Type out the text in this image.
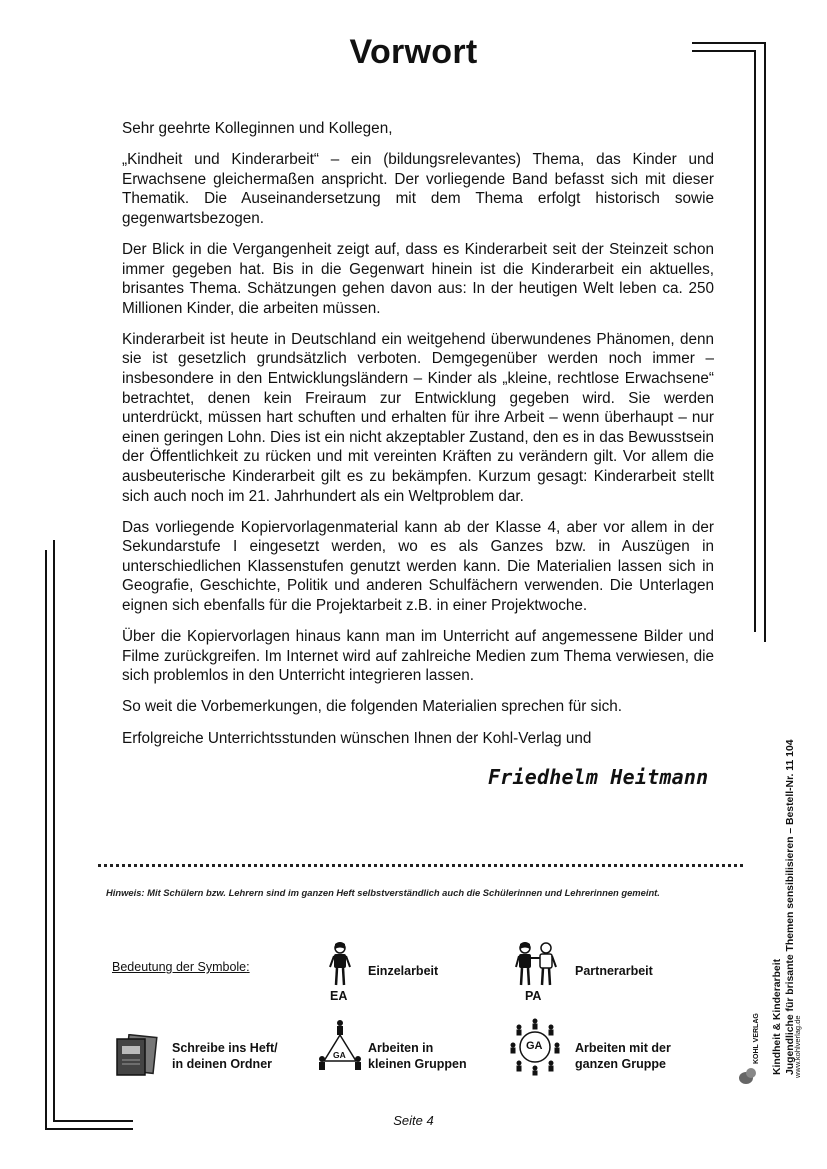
Vorwort

Sehr geehrte Kolleginnen und Kollegen,

„Kindheit und Kinderarbeit“ – ein (bildungsrelevantes) Thema, das Kinder und Erwachsene gleichermaßen anspricht. Der vorliegende Band befasst sich mit dieser Thematik. Die Auseinandersetzung mit dem Thema erfolgt historisch sowie gegenwartsbezogen.

Der Blick in die Vergangenheit zeigt auf, dass es Kinderarbeit seit der Steinzeit schon immer gegeben hat. Bis in die Gegenwart hinein ist die Kinderarbeit ein aktuelles, brisantes Thema. Schätzungen gehen davon aus: In der heutigen Welt leben ca. 250 Millionen Kinder, die arbeiten müssen.

Kinderarbeit ist heute in Deutschland ein weitgehend überwundenes Phänomen, denn sie ist gesetzlich grundsätzlich verboten. Demgegenüber werden noch immer – insbesondere in den Entwicklungsländern – Kinder als „kleine, rechtlose Erwachsene“ betrachtet, denen kein Freiraum zur Entwicklung gegeben wird. Sie werden unterdrückt, müssen hart schuften und erhalten für ihre Arbeit – wenn überhaupt – nur einen geringen Lohn. Dies ist ein nicht akzeptabler Zustand, den es in das Bewusstsein der Öffentlichkeit zu rücken und mit vereinten Kräften zu verändern gilt. Vor allem die ausbeuterische Kinderarbeit gilt es zu bekämpfen. Kurzum gesagt: Kinderarbeit stellt sich auch noch im 21. Jahrhundert als ein Weltproblem dar.

Das vorliegende Kopiervorlagenmaterial kann ab der Klasse 4, aber vor allem in der Sekundarstufe I eingesetzt werden, wo es als Ganzes bzw. in Auszügen in unterschiedlichen Klassenstufen genutzt werden kann. Die Materialien lassen sich in Geografie, Geschichte, Politik und anderen Schulfächern verwenden. Die Unterlagen eignen sich ebenfalls für die Projektarbeit z.B. in einer Projektwoche.

Über die Kopiervorlagen hinaus kann man im Unterricht auf angemessene Bilder und Filme zurückgreifen. Im Internet wird auf zahlreiche Medien zum Thema verwiesen, die sich problemlos in den Unterricht integrieren lassen.

So weit die Vorbemerkungen, die folgenden Materialien sprechen für sich.

Erfolgreiche Unterrichtsstunden wünschen Ihnen der Kohl-Verlag und

Friedhelm Heitmann
Hinweis: Mit Schülern bzw. Lehrern sind im ganzen Heft selbstverständlich auch die Schülerinnen und Lehrerinnen gemeint.
Bedeutung der Symbole:
EA
Einzelarbeit
PA
Partnerarbeit
Schreibe ins Heft/
in deinen Ordner
GA Arbeiten in
kleinen Gruppen
GA	Arbeiten mit der
ganzen Gruppe
Seite 4
Kindheit & Kinderarbeit Jugendliche für brisante Themen sensibilisieren – Bestell-Nr. 11 104
KOHL VERLAG	www.kohlverlag.de
